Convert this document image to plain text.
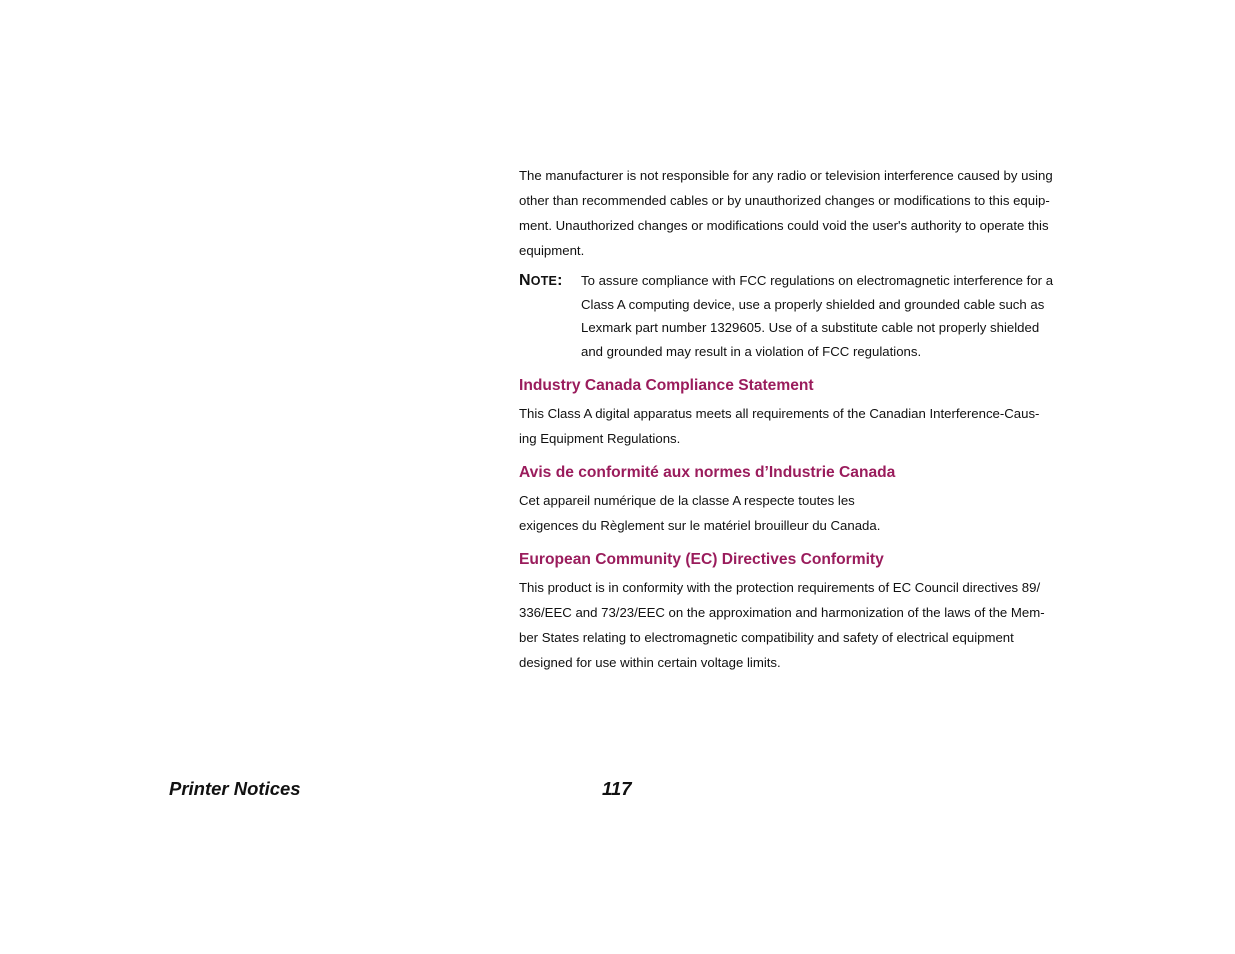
The manufacturer is not responsible for any radio or television interference caused by using
other than recommended cables or by unauthorized changes or modifications to this equip-
ment. Unauthorized changes or modifications could void the user's authority to operate this
equipment.

NOTE: To assure compliance with FCC regulations on electromagnetic interference for a
Class A computing device, use a properly shielded and grounded cable such as
Lexmark part number 1329605. Use of a substitute cable not properly shielded
and grounded may result in a violation of FCC regulations.
Industry Canada Compliance Statement

This Class A digital apparatus meets all requirements of the Canadian Interference-Caus-
ing Equipment Regulations.

Avis de conformité aux normes d’Industrie Canada

Cet appareil numérique de la classe A respecte toutes les
exigences du Règlement sur le matériel brouilleur du Canada.

European Community (EC) Directives Conformity

This product is in conformity with the protection requirements of EC Council directives 89/
336/EEC and 73/23/EEC on the approximation and harmonization of the laws of the Mem-
ber States relating to electromagnetic compatibility and safety of electrical equipment
designed for use within certain voltage limits.

Printer Notices	117
